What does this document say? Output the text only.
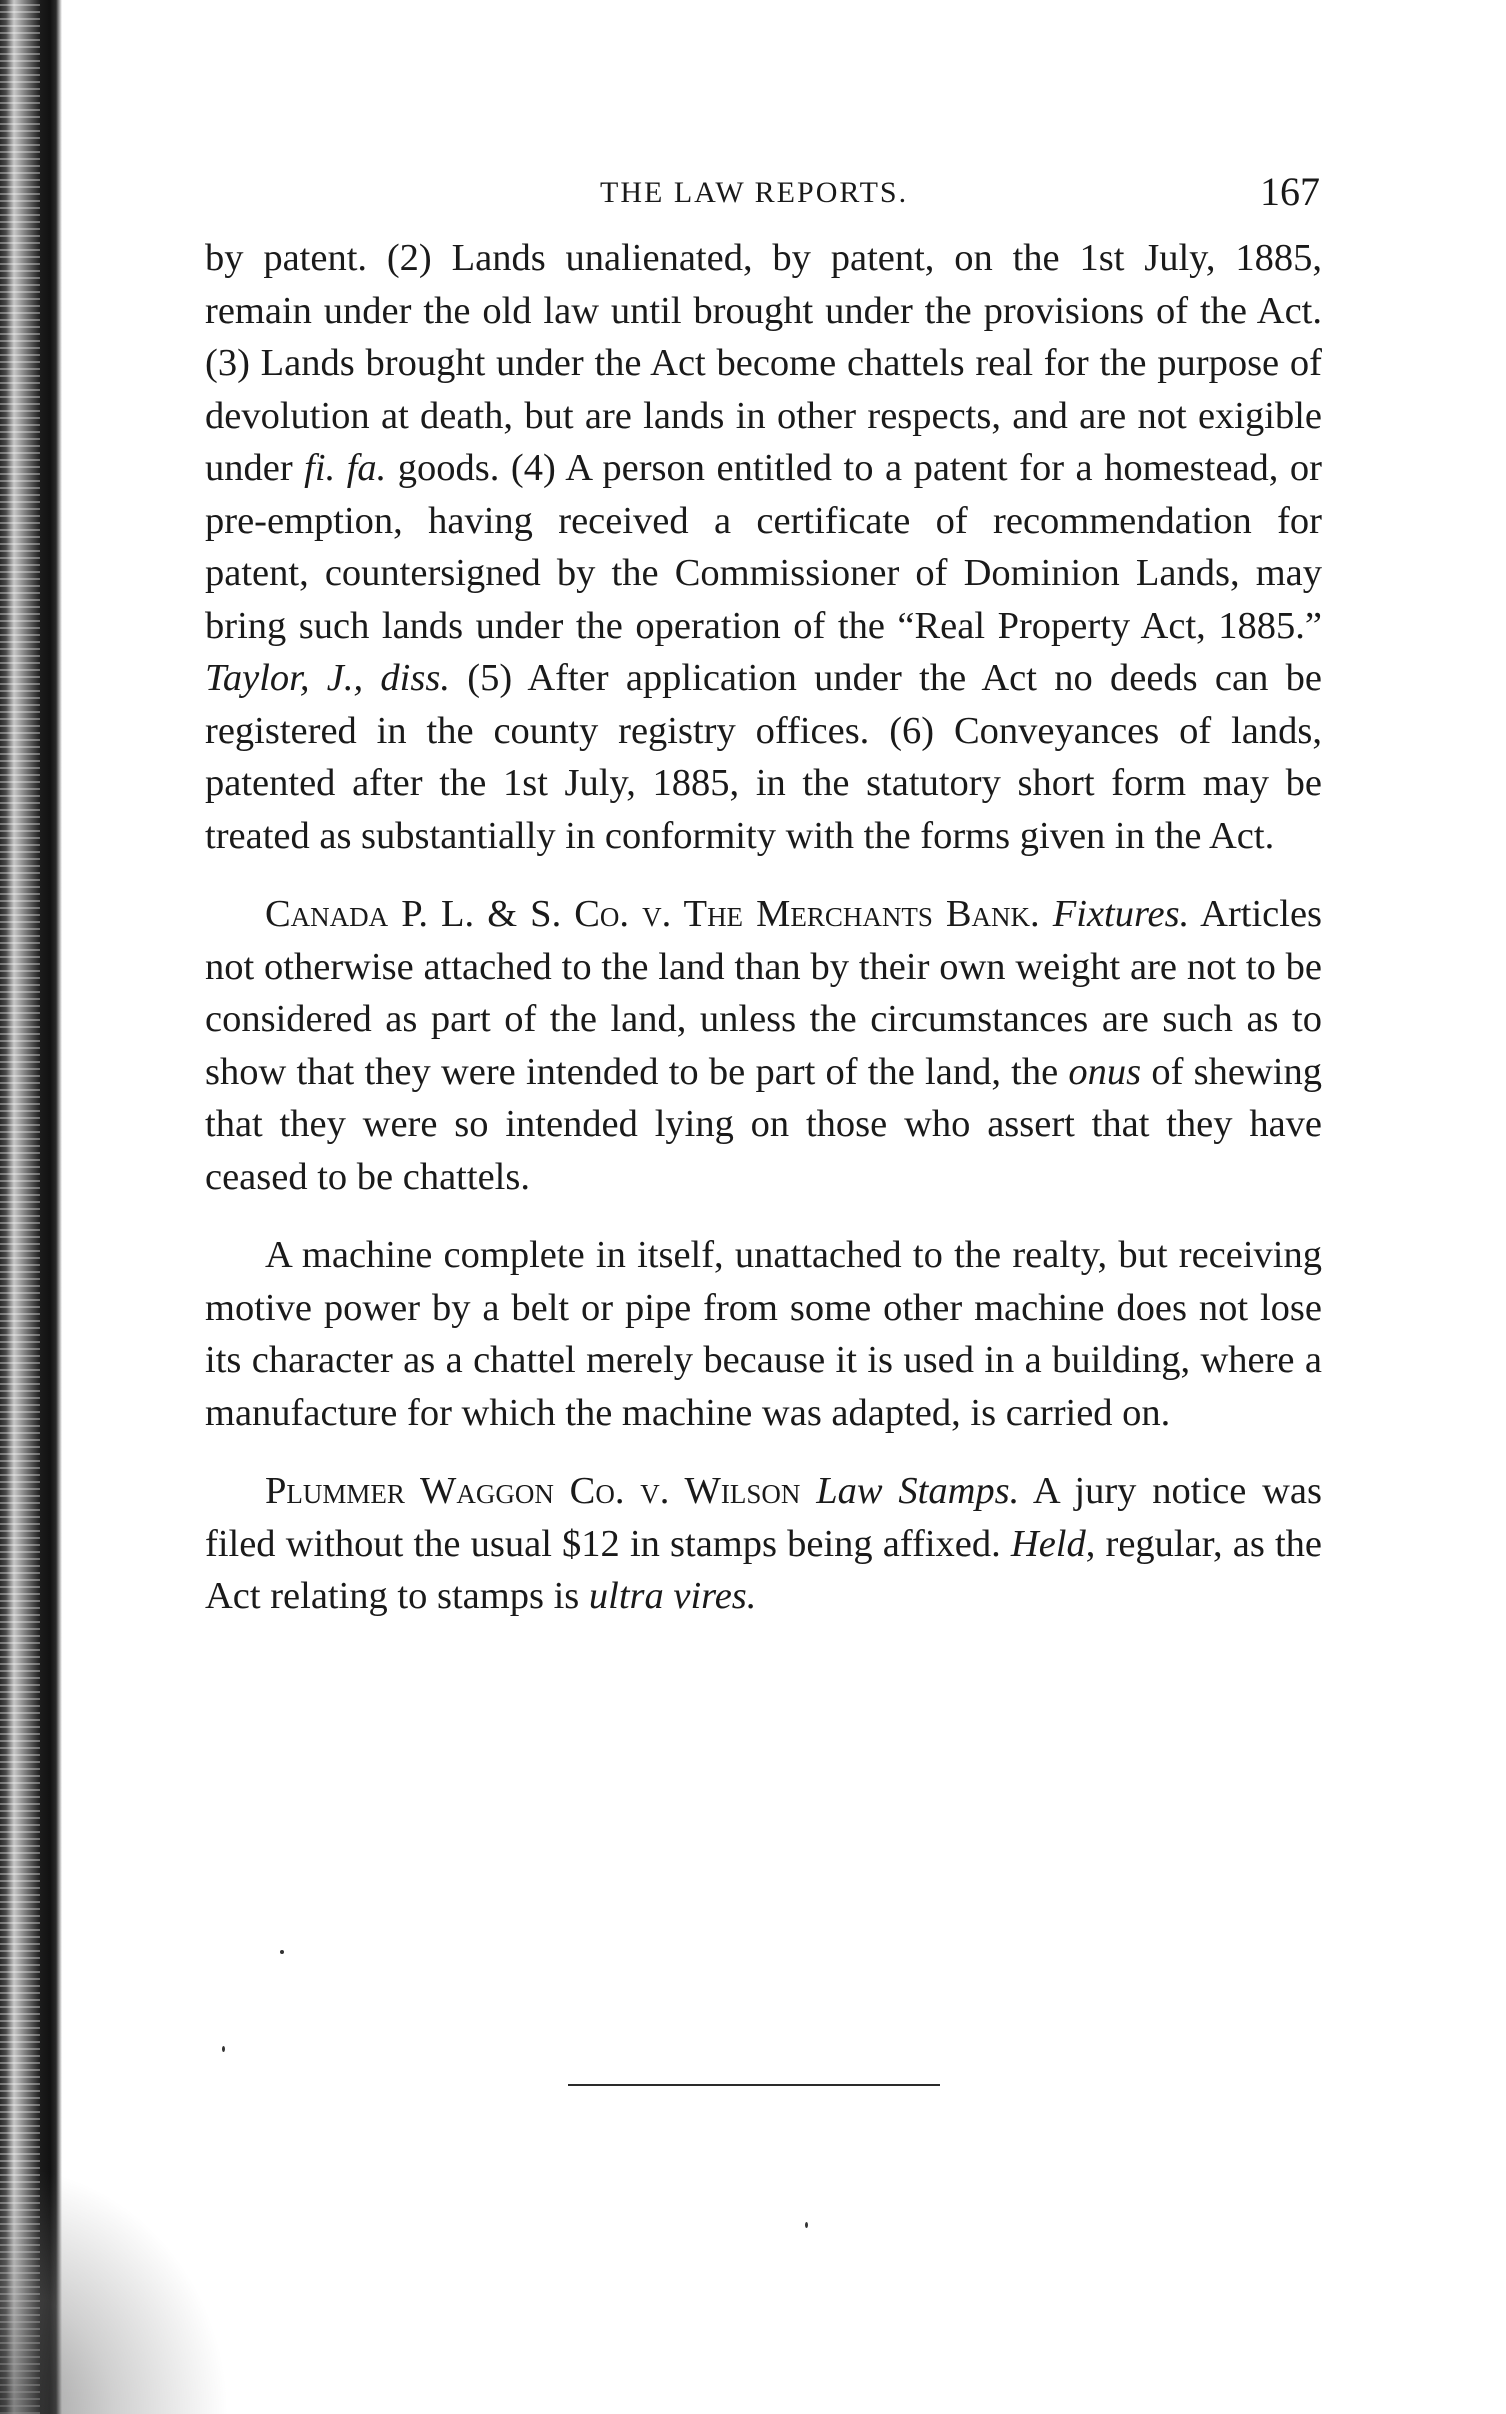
THE LAW REPORTS.	167

by patent. (2) Lands unalienated, by patent, on the 1st July, 1885, remain under the old law until brought under the provisions of the Act. (3) Lands brought under the Act become chattels real for the purpose of devolution at death, but are lands in other respects, and are not exigible under fi. fa. goods. (4) A person entitled to a patent for a homestead, or pre-emption, having received a certificate of recommendation for patent, countersigned by the Commissioner of Dominion Lands, may bring such lands under the operation of the “Real Property Act, 1885.” Taylor, J., diss. (5) After application under the Act no deeds can be registered in the county registry offices. (6) Conveyances of lands, patented after the 1st July, 1885, in the statutory short form may be treated as substantially in conformity with the forms given in the Act.

Canada P. L. & S. Co. v. The Merchants Bank. Fixtures. Articles not otherwise attached to the land than by their own weight are not to be considered as part of the land, unless the circumstances are such as to show that they were intended to be part of the land, the onus of shewing that they were so intended lying on those who assert that they have ceased to be chattels.

A machine complete in itself, unattached to the realty, but receiving motive power by a belt or pipe from some other machine does not lose its character as a chattel merely because it is used in a building, where a manufacture for which the machine was adapted, is carried on.

Plummer Waggon Co. v. Wilson Law Stamps. A jury notice was filed without the usual $12 in stamps being affixed. Held, regular, as the Act relating to stamps is ultra vires.
